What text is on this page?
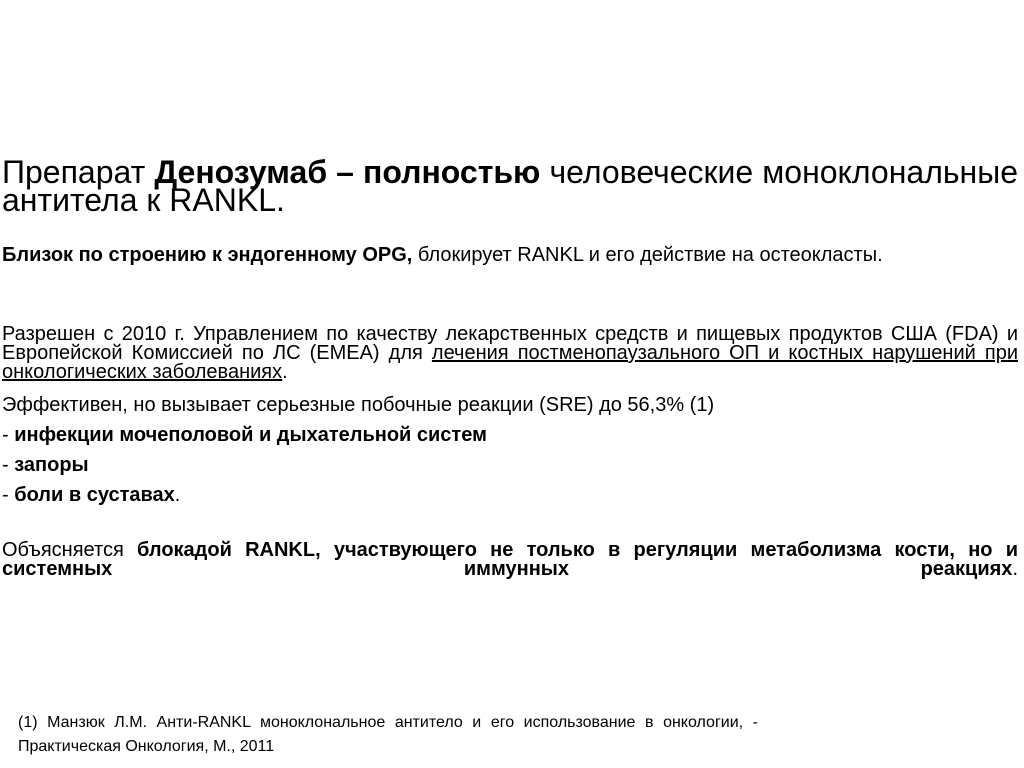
Препарат Денозумаб – полностью человеческие моноклональные антитела к RANKL.
Близок по строению к эндогенному OPG, блокирует RANKL и его действие на остеокласты.
Разрешен с 2010 г. Управлением по качеству лекарственных средств и пищевых продуктов США (FDA) и Европейской Комиссией по ЛС (EMEA) для лечения постменопаузального ОП и костных нарушений при онкологических заболеваниях.
Эффективен, но вызывает серьезные побочные реакции (SRE) до 56,3% (1)
- инфекции мочеполовой и дыхательной систем
- запоры
- боли в суставах.
Объясняется блокадой RANKL, участвующего не только в регуляции метаболизма кости, но и системных иммунных реакциях.
(1) Манзюк Л.М. Анти-RANKL моноклональное антитело и его использование в онкологии, - Практическая Онкология, М., 2011
